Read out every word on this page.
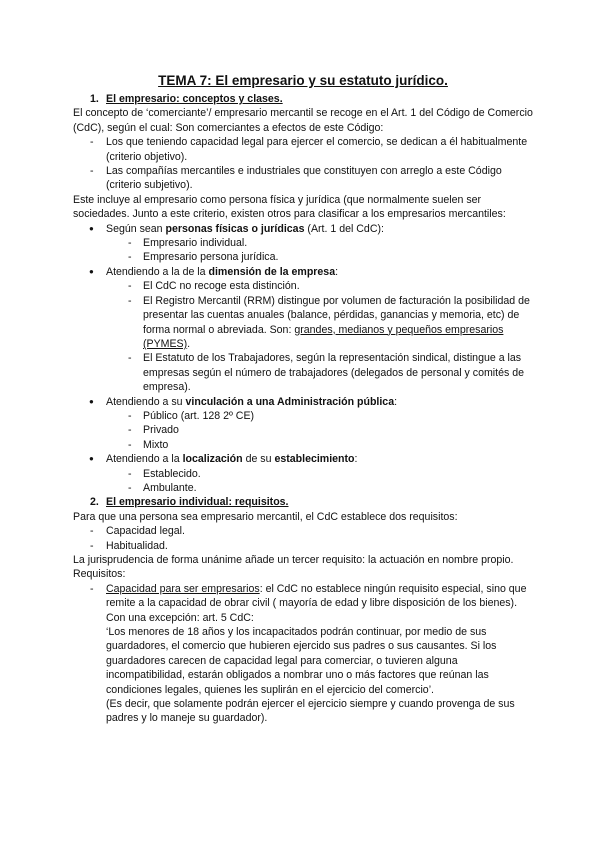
TEMA 7: El empresario y su estatuto jurídico.
1. El empresario: conceptos y clases.

El concepto de ‘comerciante’/ empresario mercantil se recoge en el Art. 1 del Código de Comercio (CdC), según el cual: Son comerciantes a efectos de este Código:

- Los que teniendo capacidad legal para ejercer el comercio, se dedican a él habitualmente (criterio objetivo).
- Las compañías mercantiles e industriales que constituyen con arreglo a este Código (criterio subjetivo).

Este incluye al empresario como persona física y jurídica (que normalmente suelen ser sociedades. Junto a este criterio, existen otros para clasificar a los empresarios mercantiles:

● Según sean personas físicas o jurídicas (Art. 1 del CdC):
- Empresario individual.
- Empresario persona jurídica.
● Atendiendo a la de la dimensión de la empresa:
- El CdC no recoge esta distinción.
- El Registro Mercantil (RRM) distingue por volumen de facturación la posibilidad de presentar las cuentas anuales (balance, pérdidas, ganancias y memoria, etc) de forma normal o abreviada. Son: grandes, medianos y pequeños empresarios (PYMES).
- El Estatuto de los Trabajadores, según la representación sindical, distingue a las empresas según el número de trabajadores (delegados de personal y comités de empresa).
● Atendiendo a su vinculación a una Administración pública:
- Público (art. 128 2º CE)
- Privado
- Mixto
● Atendiendo a la localización de su establecimiento:
- Establecido.
- Ambulante.
2. El empresario individual: requisitos.

Para que una persona sea empresario mercantil, el CdC establece dos requisitos:

- Capacidad legal.
- Habitualidad.

La jurisprudencia de forma unánime añade un tercer requisito: la actuación en nombre propio.

Requisitos:

- Capacidad para ser empresarios: el CdC no establece ningún requisito especial, sino que remite a la capacidad de obrar civil ( mayoría de edad y libre disposición de los bienes). Con una excepción: art. 5 CdC:
‘Los menores de 18 años y los incapacitados podrán continuar, por medio de sus guardadores, el comercio que hubieren ejercido sus padres o sus causantes. Si los guardadores carecen de capacidad legal para comerciar, o tuvieren alguna incompatibilidad, estarán obligados a nombrar uno o más factores que reúnan las condiciones legales, quienes les suplirán en el ejercicio del comercio’.
(Es decir, que solamente podrán ejercer el ejercicio siempre y cuando provenga de sus padres y lo maneje su guardador).
